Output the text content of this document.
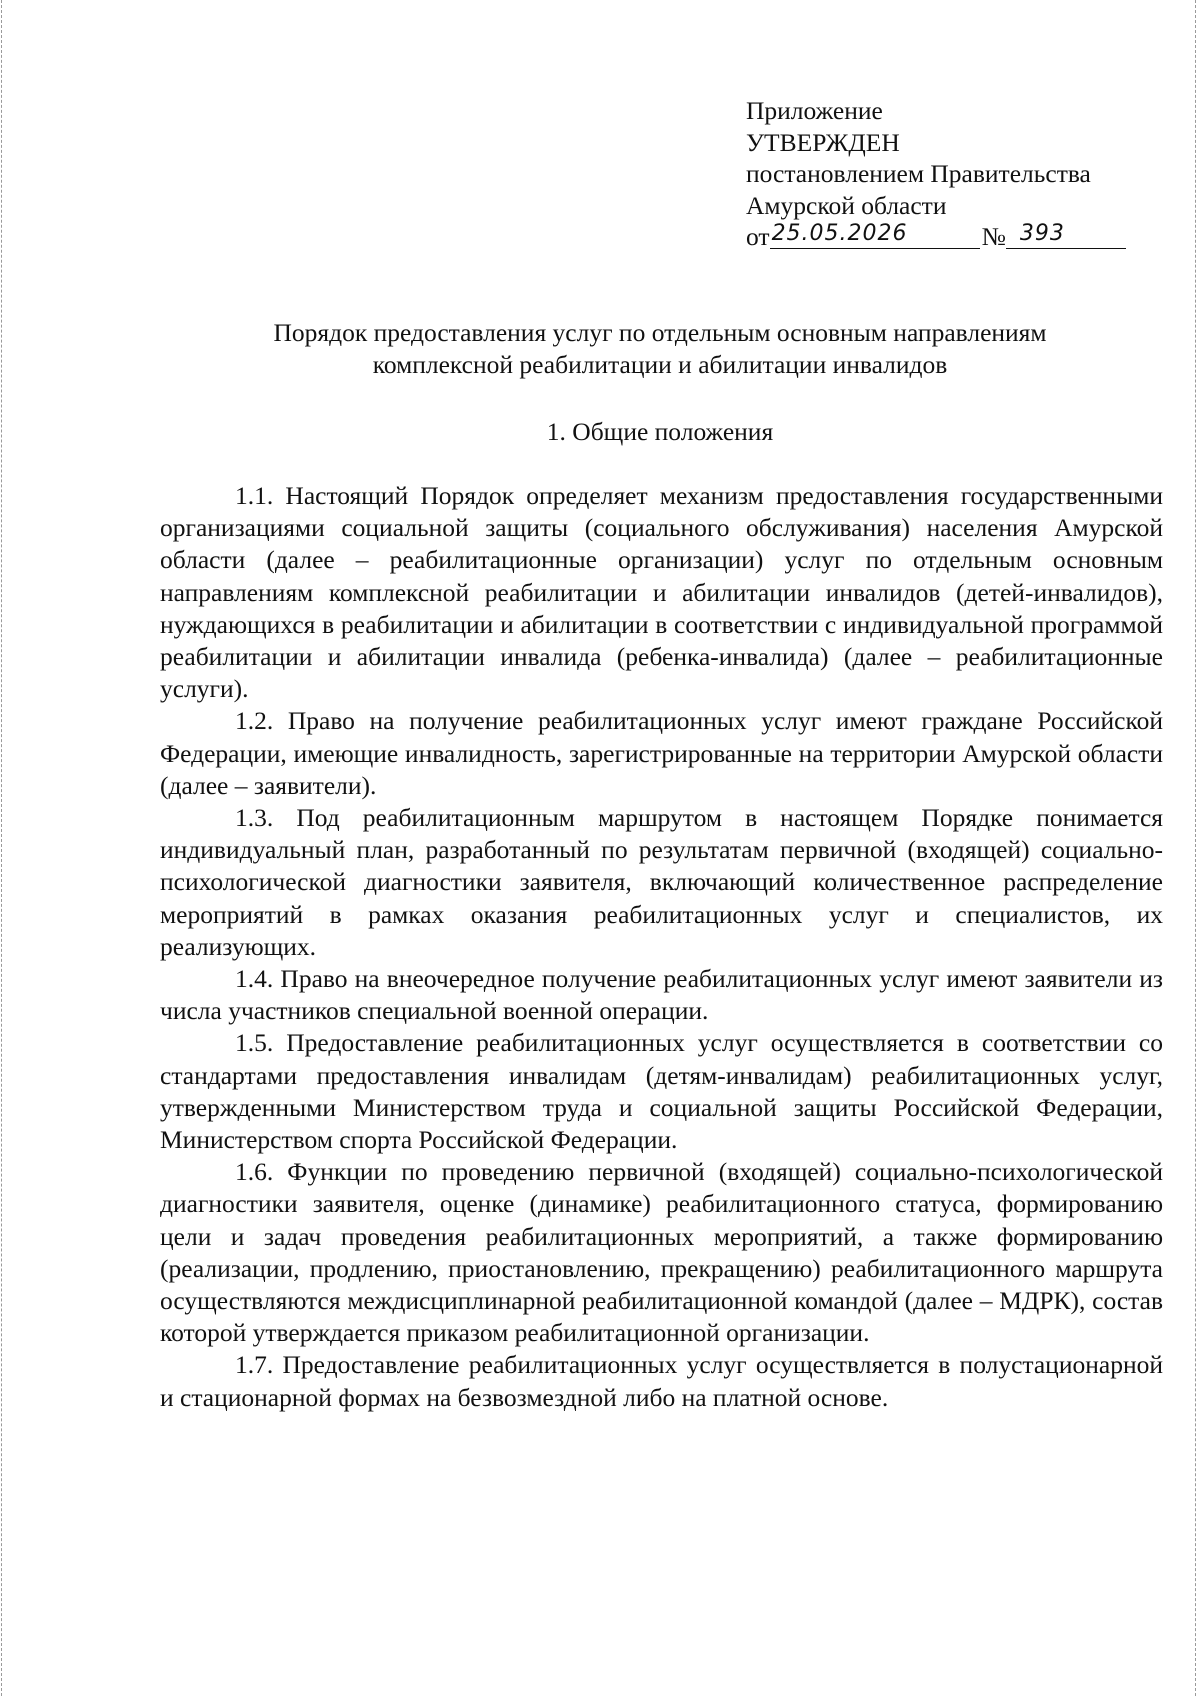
Приложение
УТВЕРЖДЕН
постановлением Правительства
Амурской области
от 25.05.2026	№ 393
Порядок предоставления услуг по отдельным основным направлениям
комплексной реабилитации и абилитации инвалидов
1. Общие положения

1.1. Настоящий Порядок определяет механизм предоставления государственными организациями социальной защиты (социального обслуживания) населения Амурской области (далее – реабилитационные организации) услуг по отдельным основным направлениям комплексной реабилитации и абилитации инвалидов (детей-инвалидов), нуждающихся в реабилитации и абилитации в соответствии с индивидуальной программой реабилитации и абилитации инвалида (ребенка-инвалида) (далее – реабилитационные услуги).

1.2. Право на получение реабилитационных услуг имеют граждане Российской Федерации, имеющие инвалидность, зарегистрированные на территории Амурской области (далее – заявители).

1.3. Под реабилитационным маршрутом в настоящем Порядке понимается индивидуальный план, разработанный по результатам первичной (входящей) социально-психологической диагностики заявителя, включающий количественное распределение мероприятий в рамках оказания реабилитационных услуг и специалистов, их реализующих.

1.4. Право на внеочередное получение реабилитационных услуг имеют заявители из числа участников специальной военной операции.

1.5. Предоставление реабилитационных услуг осуществляется в соответствии со стандартами предоставления инвалидам (детям-инвалидам) реабилитационных услуг, утвержденными Министерством труда и социальной защиты Российской Федерации, Министерством спорта Российской Федерации.

1.6. Функции по проведению первичной (входящей) социально-психологической диагностики заявителя, оценке (динамике) реабилитационного статуса, формированию цели и задач проведения реабилитационных мероприятий, а также формированию (реализации, продлению, приостановлению, прекращению) реабилитационного маршрута осуществляются междисциплинарной реабилитационной командой (далее – МДРК), состав которой утверждается приказом реабилитационной организации.

1.7. Предоставление реабилитационных услуг осуществляется в полустационарной и стационарной формах на безвозмездной либо на платной основе.
